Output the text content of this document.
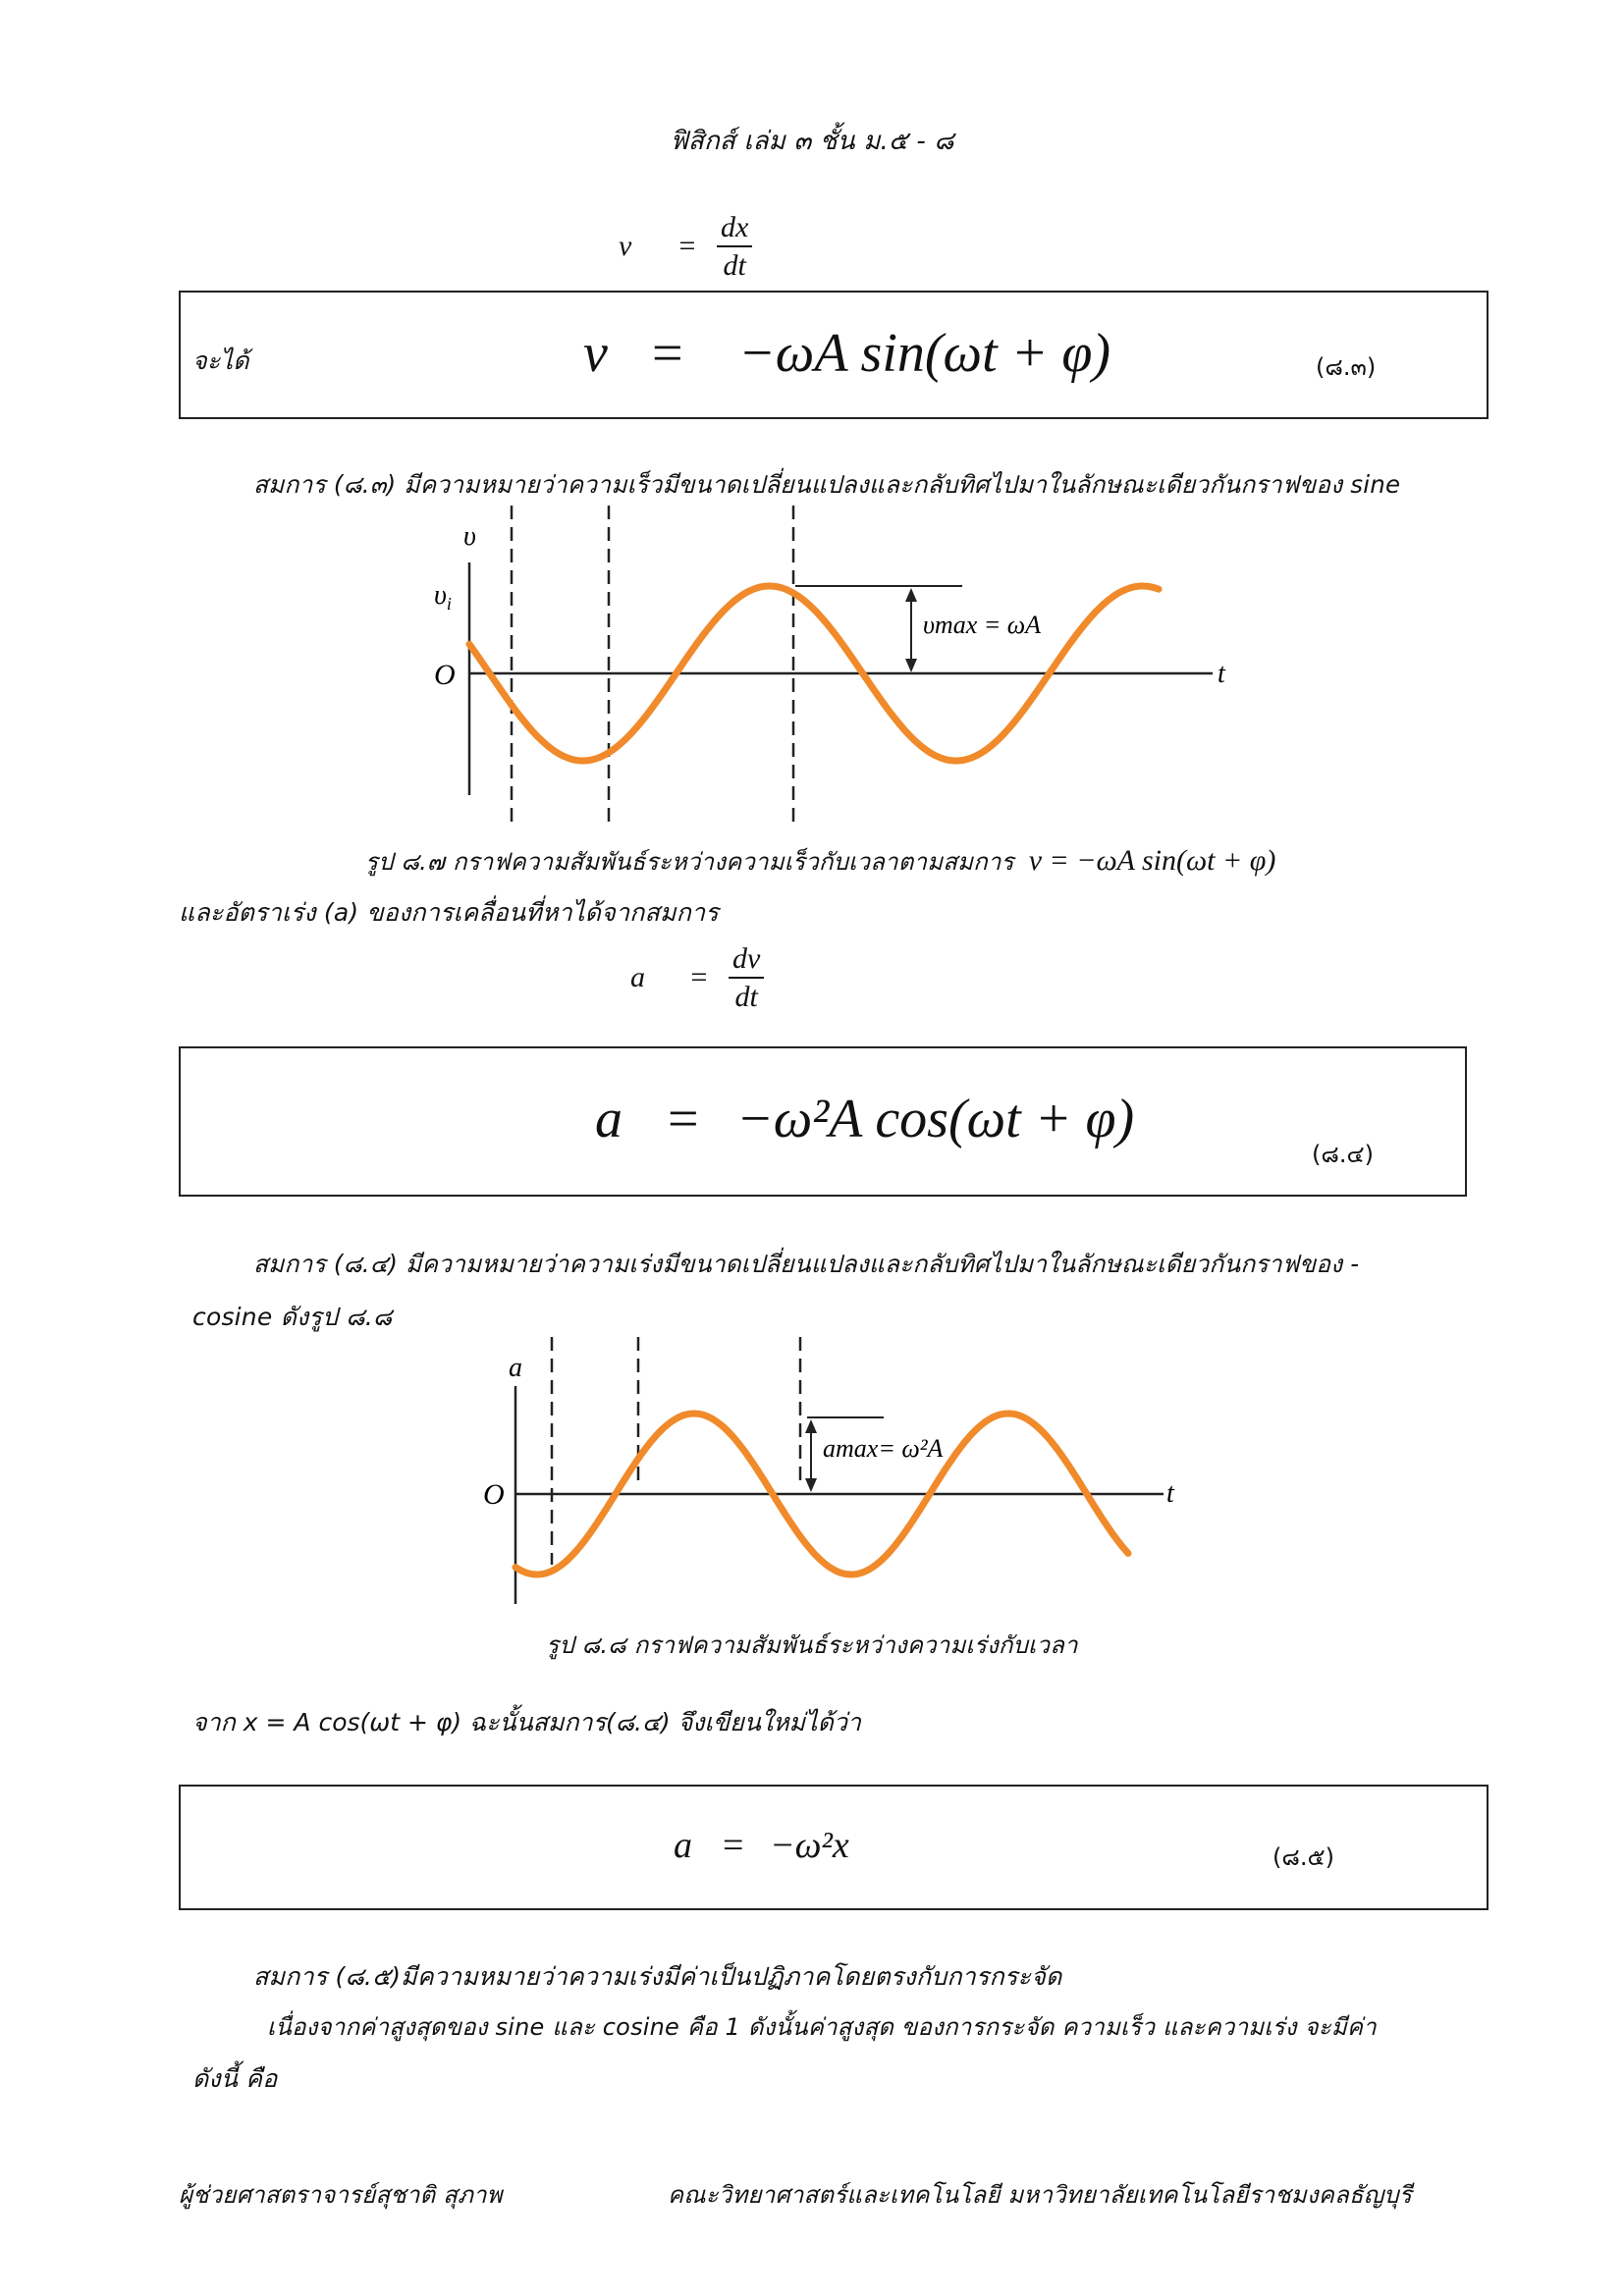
ฟิสิกส์ เล่ม ๓ ชั้น ม.๕ - ๘
v	= $\frac{dx}{dt}$
จะได้	v = −ωA sin(ωt + φ)	(๘.๓)
สมการ (๘.๓) มีความหมายว่าความเร็วมีขนาดเปลี่ยนแปลงและกลับทิศไปมาในลักษณะเดียวกันกราฟของ sine
υ
$\upsilon_i$
O	t
υmax = ωA
รูป ๘.๗ กราฟความสัมพันธ์ระหว่างความเร็วกับเวลาตามสมการ v = −ωA sin(ωt + φ)
และอัตราเร่ง (a) ของการเคลื่อนที่หาได้จากสมการ
a	= $\frac{dv}{dt}$
a = −ω²A cos(ωt + φ)
(๘.๔)
สมการ (๘.๔) มีความหมายว่าความเร่งมีขนาดเปลี่ยนแปลงและกลับทิศไปมาในลักษณะเดียวกันกราฟของ -
cosine ดังรูป ๘.๘
a
O	t
amax= ω²A
รูป ๘.๘ กราฟความสัมพันธ์ระหว่างความเร่งกับเวลา
จาก x = A cos(ωt + φ) ฉะนั้นสมการ(๘.๔) จึงเขียนใหม่ได้ว่า
a = −ω²x	(๘.๕)
สมการ (๘.๕)มีความหมายว่าความเร่งมีค่าเป็นปฏิภาคโดยตรงกับการกระจัด
เนื่องจากค่าสูงสุดของ sine และ cosine คือ 1 ดังนั้นค่าสูงสุด ของการกระจัด ความเร็ว และความเร่ง จะมีค่า
ดังนี้ คือ
ผู้ช่วยศาสตราจารย์สุชาติ สุภาพ	คณะวิทยาศาสตร์และเทคโนโลยี มหาวิทยาลัยเทคโนโลยีราชมงคลธัญบุรี
